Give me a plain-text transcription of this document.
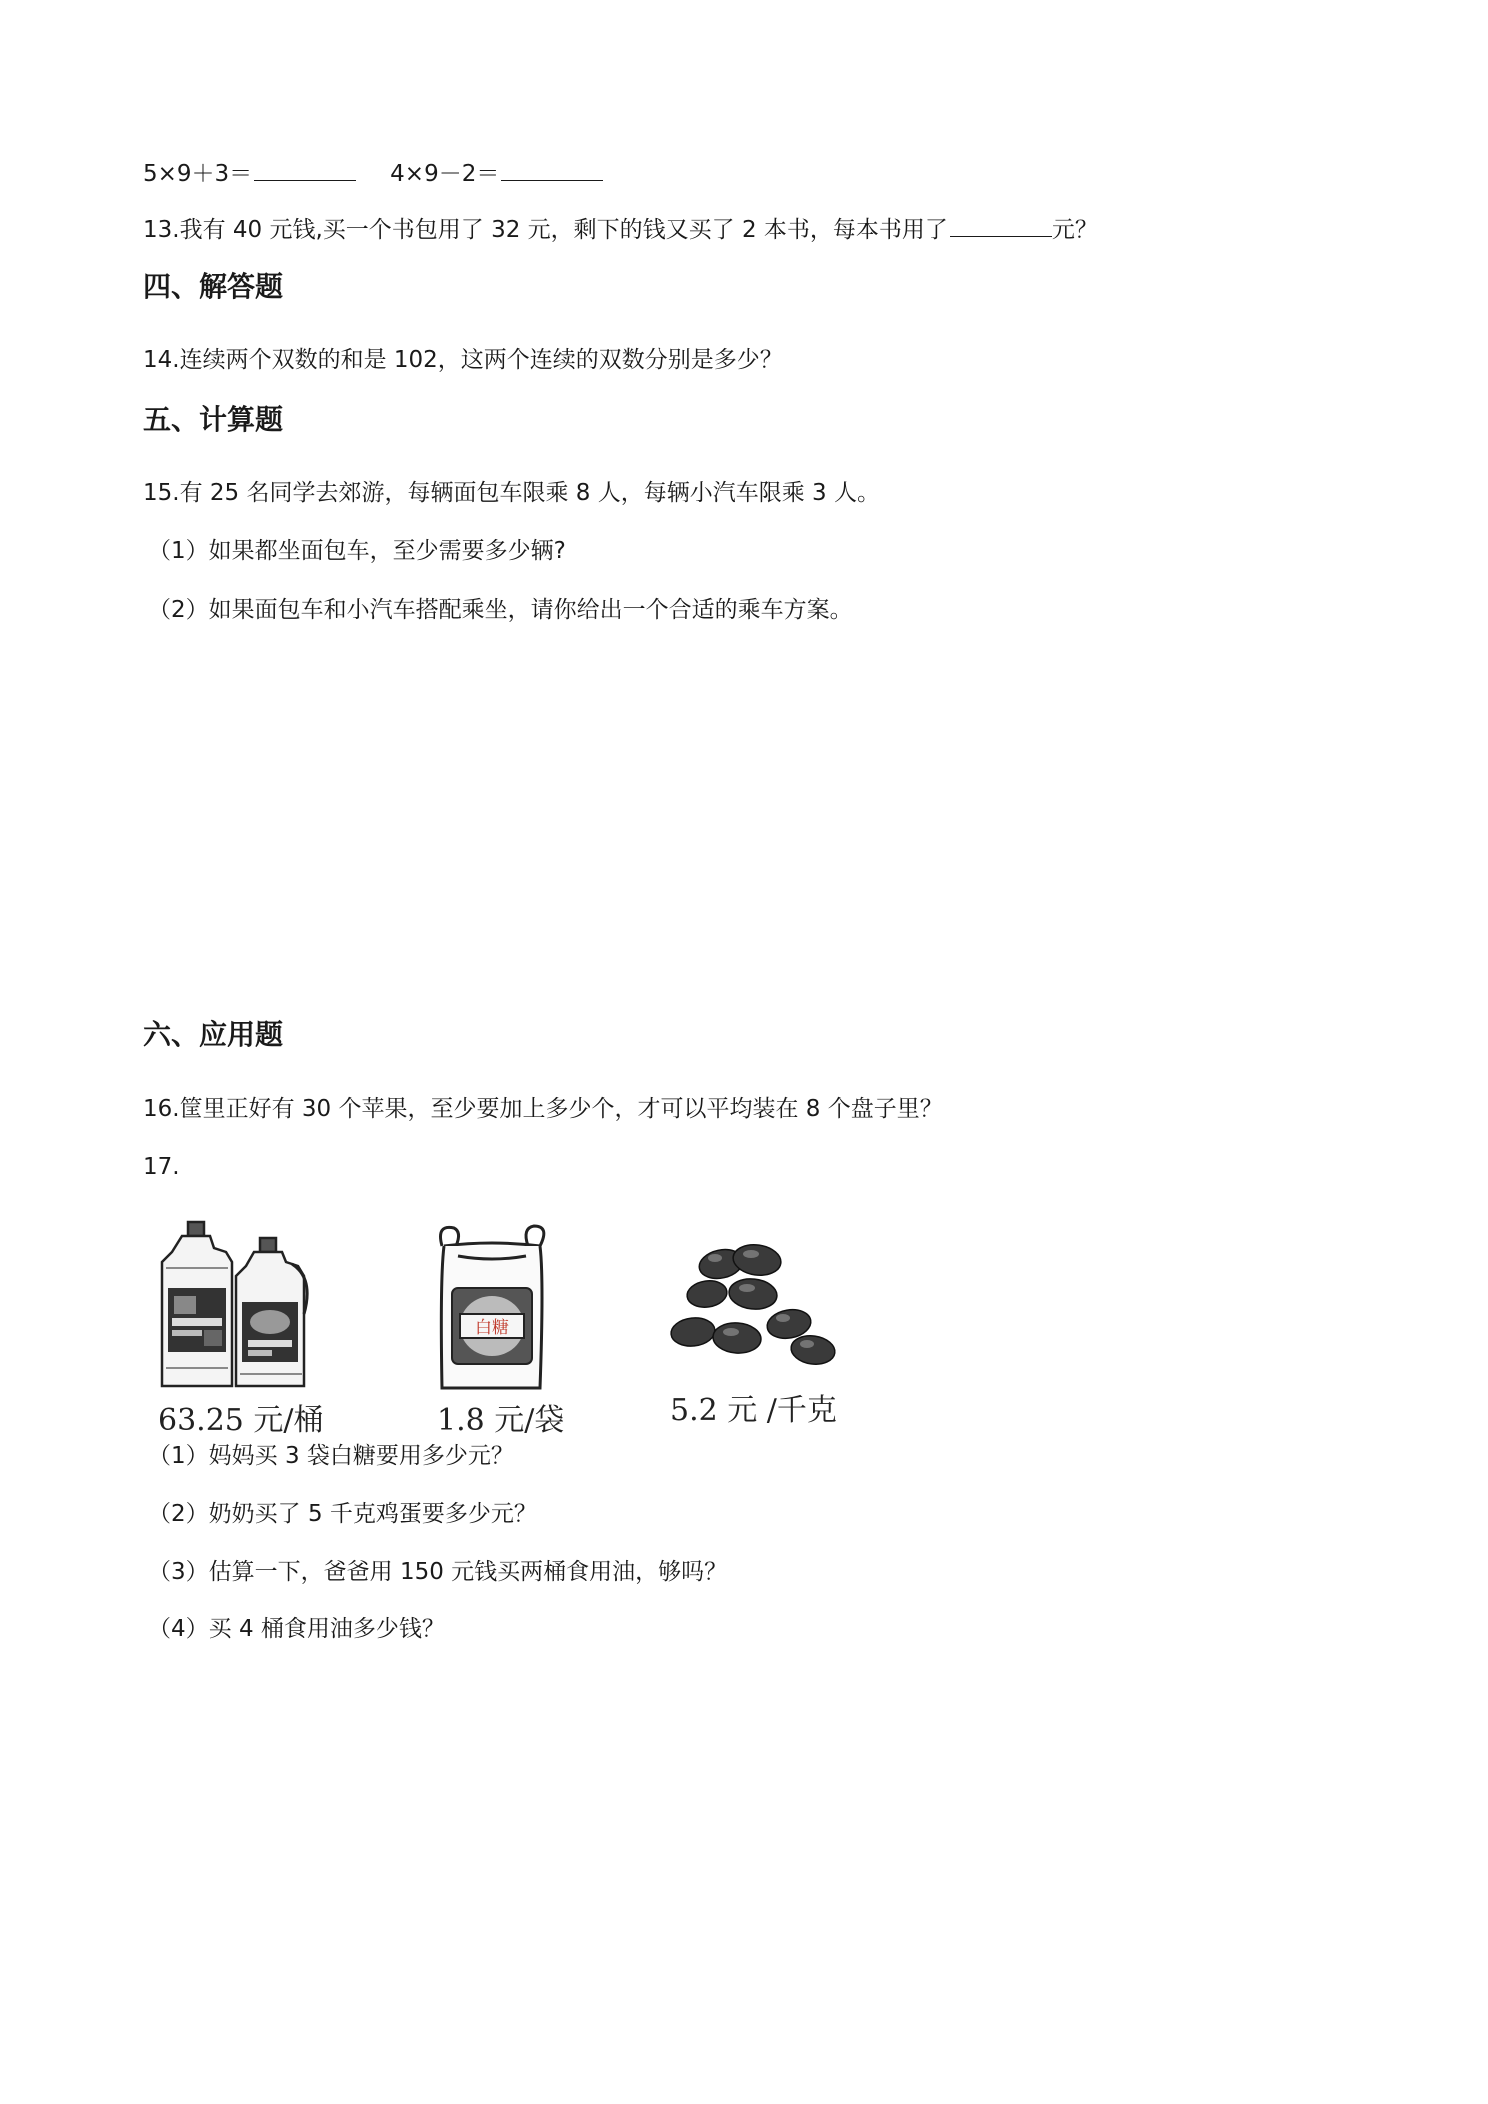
5×9＋3＝	4×9－2＝
13.我有 40 元钱,买一个书包用了 32 元，剩下的钱又买了 2 本书，每本书用了	元？
四、解答题
14.连续两个双数的和是 102，这两个连续的双数分别是多少？
五、计算题
15.有 25 名同学去郊游，每辆面包车限乘 8 人，每辆小汽车限乘 3 人。
（1）如果都坐面包车，至少需要多少辆?
（2）如果面包车和小汽车搭配乘坐，请你给出一个合适的乘车方案。
六、应用题
16.筐里正好有 30 个苹果，至少要加上多少个，才可以平均装在 8 个盘子里？
17.
63.25 元/桶
白糖
1.8 元/袋	5.2 元 /千克
（1）妈妈买 3 袋白糖要用多少元？
（2）奶奶买了 5 千克鸡蛋要多少元？
（3）估算一下，爸爸用 150 元钱买两桶食用油，够吗？
（4）买 4 桶食用油多少钱？
